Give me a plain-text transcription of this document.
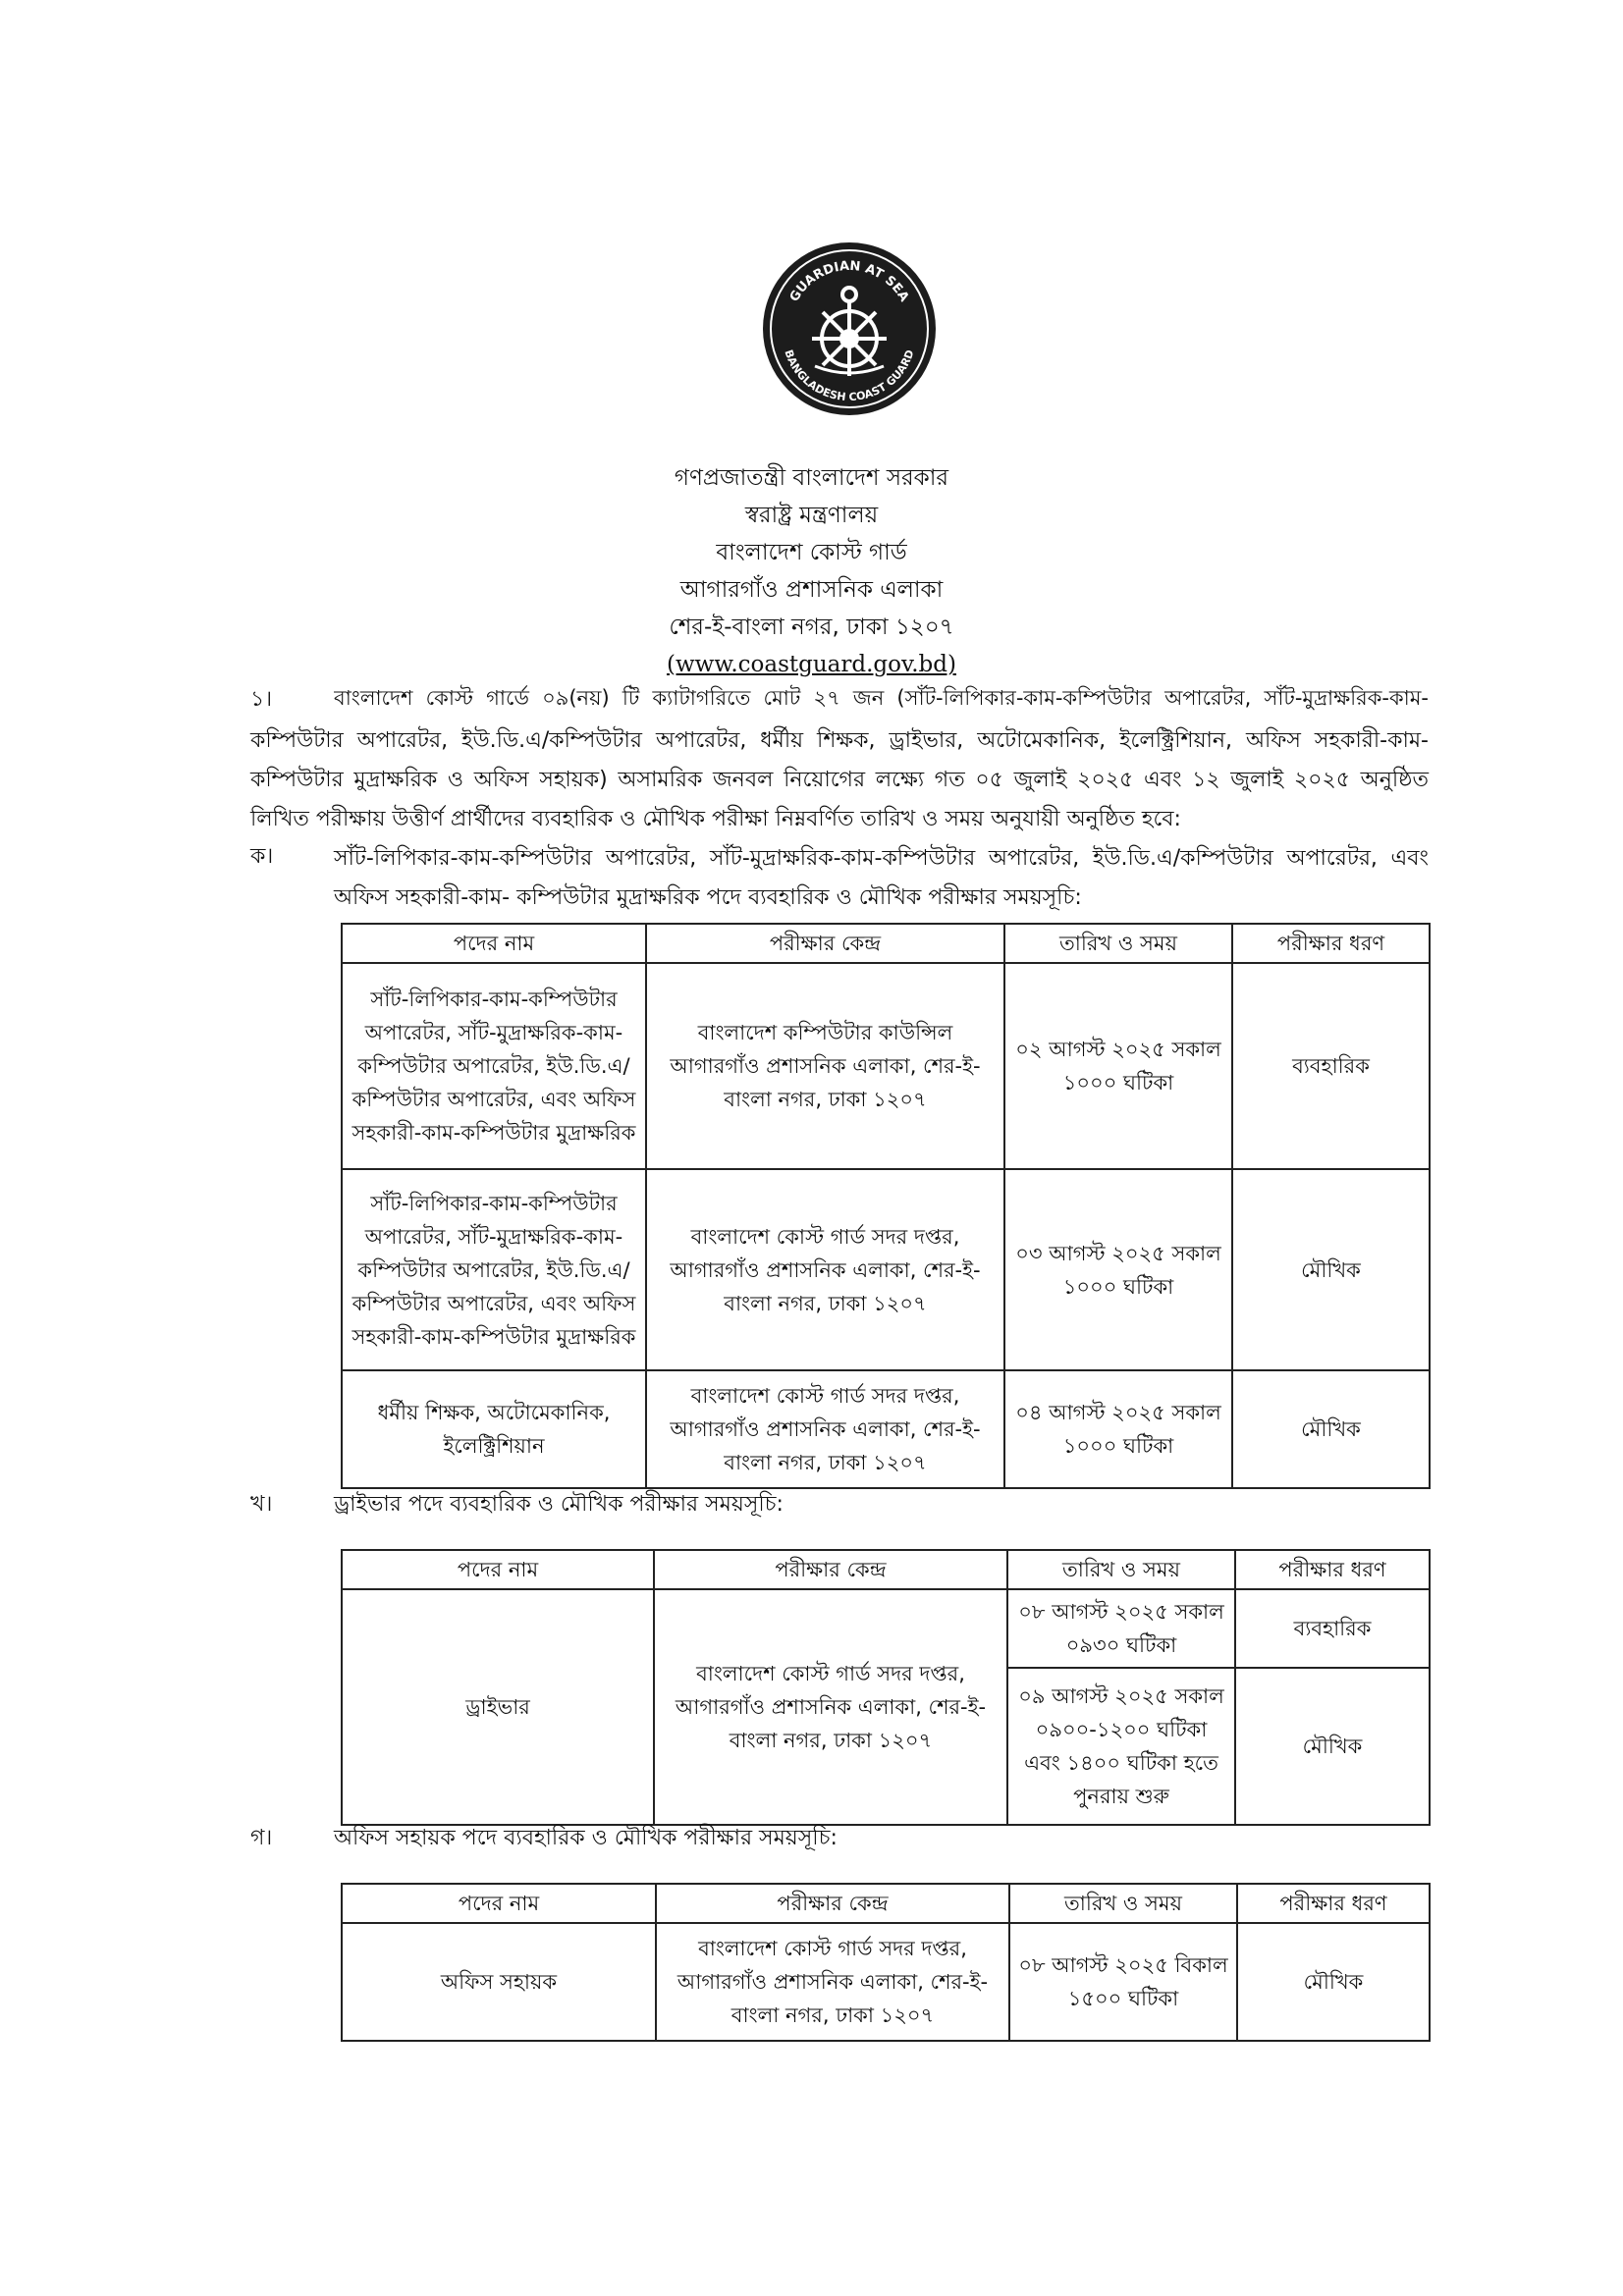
GUARDIAN AT SEA
BANGLADESH COAST GUARD
গণপ্রজাতন্ত্রী বাংলাদেশ সরকার
স্বরাষ্ট্র মন্ত্রণালয়
বাংলাদেশ কোস্ট গার্ড
আগারগাঁও প্রশাসনিক এলাকা
শের-ই-বাংলা নগর, ঢাকা ১২০৭
(www.coastguard.gov.bd)
১।	বাংলাদেশ কোস্ট গার্ডে ০৯(নয়) টি ক্যাটাগরিতে মোট ২৭ জন (সাঁট-লিপিকার-কাম-কম্পিউটার অপারেটর, সাঁট-মুদ্রাক্ষরিক-কাম-
কম্পিউটার অপারেটর, ইউ.ডি.এ/কম্পিউটার অপারেটর, ধর্মীয় শিক্ষক, ড্রাইভার, অটোমেকানিক, ইলেক্ট্রিশিয়ান, অফিস সহকারী-কাম-কম্পিউটার মুদ্রাক্ষরিক ও অফিস সহায়ক) অসামরিক জনবল নিয়োগের লক্ষ্যে গত ০৫ জুলাই ২০২৫ এবং ১২ জুলাই ২০২৫ অনুষ্ঠিত লিখিত পরীক্ষায় উত্তীর্ণ প্রার্থীদের ব্যবহারিক ও মৌখিক পরীক্ষা নিম্নবর্ণিত তারিখ ও সময় অনুযায়ী অনুষ্ঠিত হবে:
ক।	সাঁট-লিপিকার-কাম-কম্পিউটার অপারেটর, সাঁট-মুদ্রাক্ষরিক-কাম-কম্পিউটার অপারেটর, ইউ.ডি.এ/কম্পিউটার অপারেটর, এবং অফিস সহকারী-কাম- কম্পিউটার মুদ্রাক্ষরিক পদে ব্যবহারিক ও মৌখিক পরীক্ষার সময়সূচি:
পদের নাম	পরীক্ষার কেন্দ্র	তারিখ ও সময়	পরীক্ষার ধরণ
সাঁট-লিপিকার-কাম-কম্পিউটার অপারেটর, সাঁট-মুদ্রাক্ষরিক-কাম-কম্পিউটার অপারেটর, ইউ.ডি.এ/কম্পিউটার অপারেটর, এবং অফিস সহকারী-কাম-কম্পিউটার মুদ্রাক্ষরিক	বাংলাদেশ কম্পিউটার কাউন্সিল আগারগাঁও প্রশাসনিক এলাকা, শের-ই-বাংলা নগর, ঢাকা ১২০৭	০২ আগস্ট ২০২৫ সকাল ১০০০ ঘটিকা	ব্যবহারিক
সাঁট-লিপিকার-কাম-কম্পিউটার অপারেটর, সাঁট-মুদ্রাক্ষরিক-কাম-কম্পিউটার অপারেটর, ইউ.ডি.এ/কম্পিউটার অপারেটর, এবং অফিস সহকারী-কাম-কম্পিউটার মুদ্রাক্ষরিক	বাংলাদেশ কোস্ট গার্ড সদর দপ্তর, আগারগাঁও প্রশাসনিক এলাকা, শের-ই-বাংলা নগর, ঢাকা ১২০৭	০৩ আগস্ট ২০২৫ সকাল ১০০০ ঘটিকা	মৌখিক
ধর্মীয় শিক্ষক, অটোমেকানিক, ইলেক্ট্রিশিয়ান	বাংলাদেশ কোস্ট গার্ড সদর দপ্তর, আগারগাঁও প্রশাসনিক এলাকা, শের-ই-বাংলা নগর, ঢাকা ১২০৭	০৪ আগস্ট ২০২৫ সকাল ১০০০ ঘটিকা	মৌখিক
খ।	ড্রাইভার পদে ব্যবহারিক ও মৌখিক পরীক্ষার সময়সূচি:
পদের নাম	পরীক্ষার কেন্দ্র	তারিখ ও সময়	পরীক্ষার ধরণ
ড্রাইভার	বাংলাদেশ কোস্ট গার্ড সদর দপ্তর, আগারগাঁও প্রশাসনিক এলাকা, শের-ই-বাংলা নগর, ঢাকা ১২০৭	০৮ আগস্ট ২০২৫ সকাল ০৯৩০ ঘটিকা	ব্যবহারিক
		০৯ আগস্ট ২০২৫ সকাল ০৯০০-১২০০ ঘটিকা এবং ১৪০০ ঘটিকা হতে পুনরায় শুরু	মৌখিক
গ।	অফিস সহায়ক পদে ব্যবহারিক ও মৌখিক পরীক্ষার সময়সূচি:
পদের নাম	পরীক্ষার কেন্দ্র	তারিখ ও সময়	পরীক্ষার ধরণ
অফিস সহায়ক	বাংলাদেশ কোস্ট গার্ড সদর দপ্তর, আগারগাঁও প্রশাসনিক এলাকা, শের-ই-বাংলা নগর, ঢাকা ১২০৭	০৮ আগস্ট ২০২৫ বিকাল ১৫০০ ঘটিকা	মৌখিক
